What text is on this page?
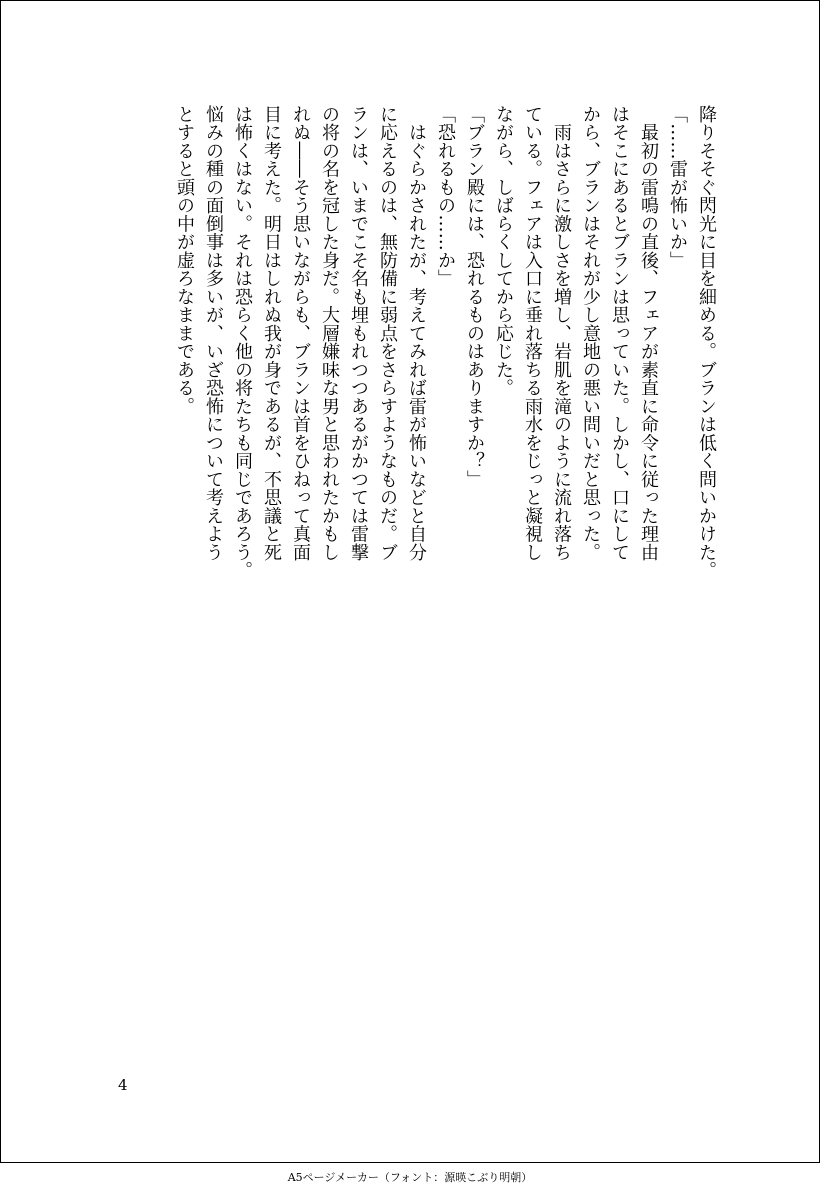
降りそそぐ閃光に目を細める。ブランは低く問いかけた。
「……雷が怖いか」
　最初の雷鳴の直後、フェアが素直に命令に従った理由
はそこにあるとブランは思っていた。しかし、口にして
から、ブランはそれが少し意地の悪い問いだと思った。
　雨はさらに激しさを増し、岩肌を滝のように流れ落ち
ている。フェアは入口に垂れ落ちる雨水をじっと凝視し
ながら、しばらくしてから応じた。
「ブラン殿には、恐れるものはありますか？」
「恐れるもの……か」
　はぐらかされたが、考えてみれば雷が怖いなどと自分
に応えるのは、無防備に弱点をさらすようなものだ。ブ
ランは、いまでこそ名も埋もれつつあるがかつては雷撃
の将の名を冠した身だ。大層嫌味な男と思われたかもし
れぬ――そう思いながらも、ブランは首をひねって真面
目に考えた。明日はしれぬ我が身であるが、不思議と死
は怖くはない。それは恐らく他の将たちも同じであろう。
悩みの種の面倒事は多いが、いざ恐怖について考えよう
とすると頭の中が虚ろなままである。
4
A5ページメーカー（フォント：源暎こぶり明朝）
